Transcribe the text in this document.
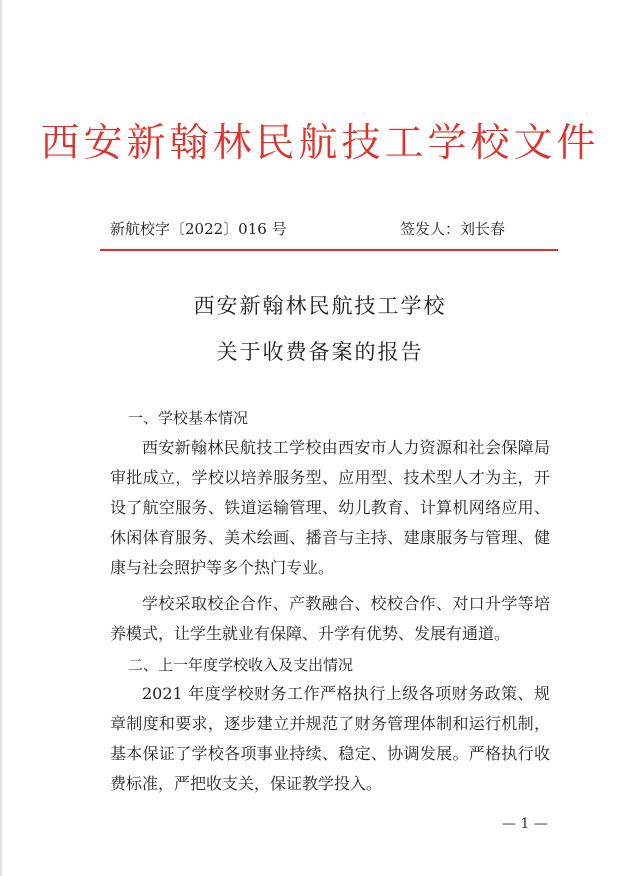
西安新翰林民航技工学校文件
新航校字〔2022〕016 号	签发人：刘长春
西安新翰林民航技工学校
关于收费备案的报告
一、学校基本情况
西安新翰林民航技工学校由西安市人力资源和社会保障局审批成立，学校以培养服务型、应用型、技术型人才为主，开设了航空服务、铁道运输管理、幼儿教育、计算机网络应用、休闲体育服务、美术绘画、播音与主持、建康服务与管理、健康与社会照护等多个热门专业。
学校采取校企合作、产教融合、校校合作、对口升学等培养模式，让学生就业有保障、升学有优势、发展有通道。
二、上一年度学校收入及支出情况
2021 年度学校财务工作严格执行上级各项财务政策、规章制度和要求，逐步建立并规范了财务管理体制和运行机制，基本保证了学校各项事业持续、稳定、协调发展。严格执行收费标准，严把收支关，保证教学投入。
— 1 —
